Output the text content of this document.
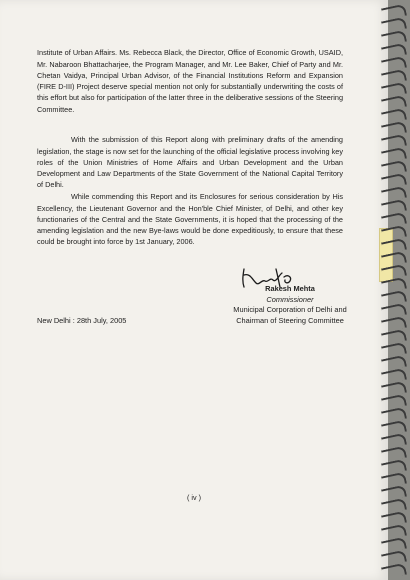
Institute of Urban Affairs. Ms. Rebecca Black, the Director, Office of Economic Growth, USAID, Mr. Nabaroon Bhattacharjee, the Program Manager, and Mr. Lee Baker, Chief of Party and Mr. Chetan Vaidya, Principal Urban Advisor, of the Financial Institutions Reform and Expansion (FIRE D-III) Project deserve special mention not only for substantially underwriting the costs of this effort but also for participation of the latter three in the deliberative sessions of the Steering Committee.

With the submission of this Report along with preliminary drafts of the amending legislation, the stage is now set for the launching of the official legislative process involving key roles of the Union Ministries of Home Affairs and Urban Development and the Urban Development and Law Departments of the State Government of the National Capital Territory of Delhi.

While commending this Report and its Enclosures for serious consideration by His Excellency, the Lieutenant Governor and the Hon'ble Chief Minister, of Delhi, and other key functionaries of the Central and the State Governments, it is hoped that the processing of the amending legislation and the new Bye-laws would be done expeditiously, to ensure that these could be brought into force by 1st January, 2006.

Rakesh Mehta
Commissioner
Municipal Corporation of Delhi and
Chairman of Steering Committee
New Delhi : 28th July, 2005
( iv )
